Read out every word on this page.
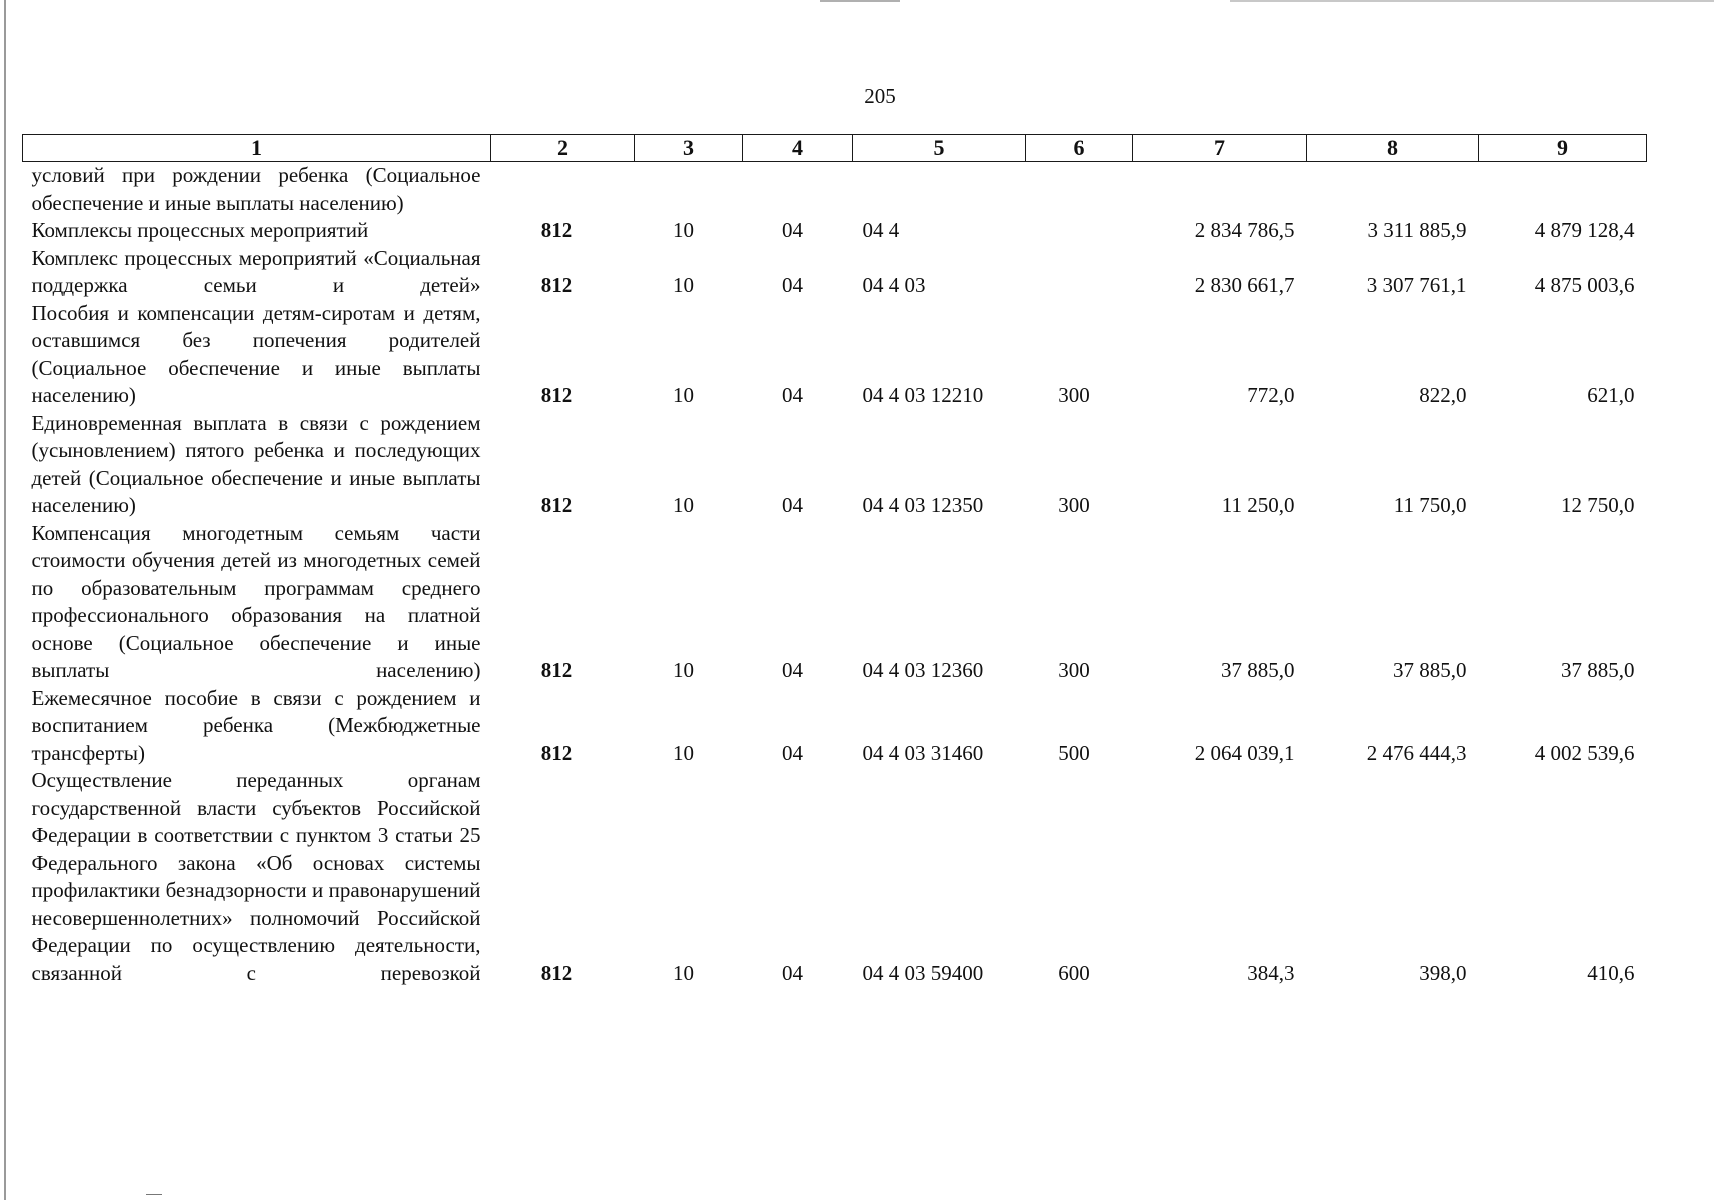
205
1	2	3	4	5	6	7	8	9
условий при рождении ребенка (Социальное обеспечение и иные выплаты населению)								
Комплексы процессных мероприятий	812	10	04	04 4		2 834 786,5	3 311 885,9	4 879 128,4
Комплекс процессных мероприятий «Социальная поддержка семьи и детей»	812	10	04	04 4 03		2 830 661,7	3 307 761,1	4 875 003,6
Пособия и компенсации детям-сиротам и детям, оставшимся без попечения родителей (Социальное обеспечение и иные выплаты населению)	812	10	04	04 4 03 12210	300	772,0	822,0	621,0
Единовременная выплата в связи с рождением (усыновлением) пятого ребенка и последующих детей (Социальное обеспечение и иные выплаты населению)	812	10	04	04 4 03 12350	300	11 250,0	11 750,0	12 750,0
Компенсация многодетным семьям части стоимости обучения детей из многодетных семей по образовательным программам среднего профессионального образования на платной основе (Социальное обеспечение и иные выплаты населению)	812	10	04	04 4 03 12360	300	37 885,0	37 885,0	37 885,0
Ежемесячное пособие в связи с рождением и воспитанием ребенка (Межбюджетные трансферты)	812	10	04	04 4 03 31460	500	2 064 039,1	2 476 444,3	4 002 539,6
Осуществление переданных органам государственной власти субъектов Российской Федерации в соответствии с пунктом 3 статьи 25 Федерального закона «Об основах системы профилактики безнадзорности и правонарушений несовершеннолетних» полномочий Российской Федерации по осуществлению деятельности, связанной с перевозкой	812	10	04	04 4 03 59400	600	384,3	398,0	410,6
